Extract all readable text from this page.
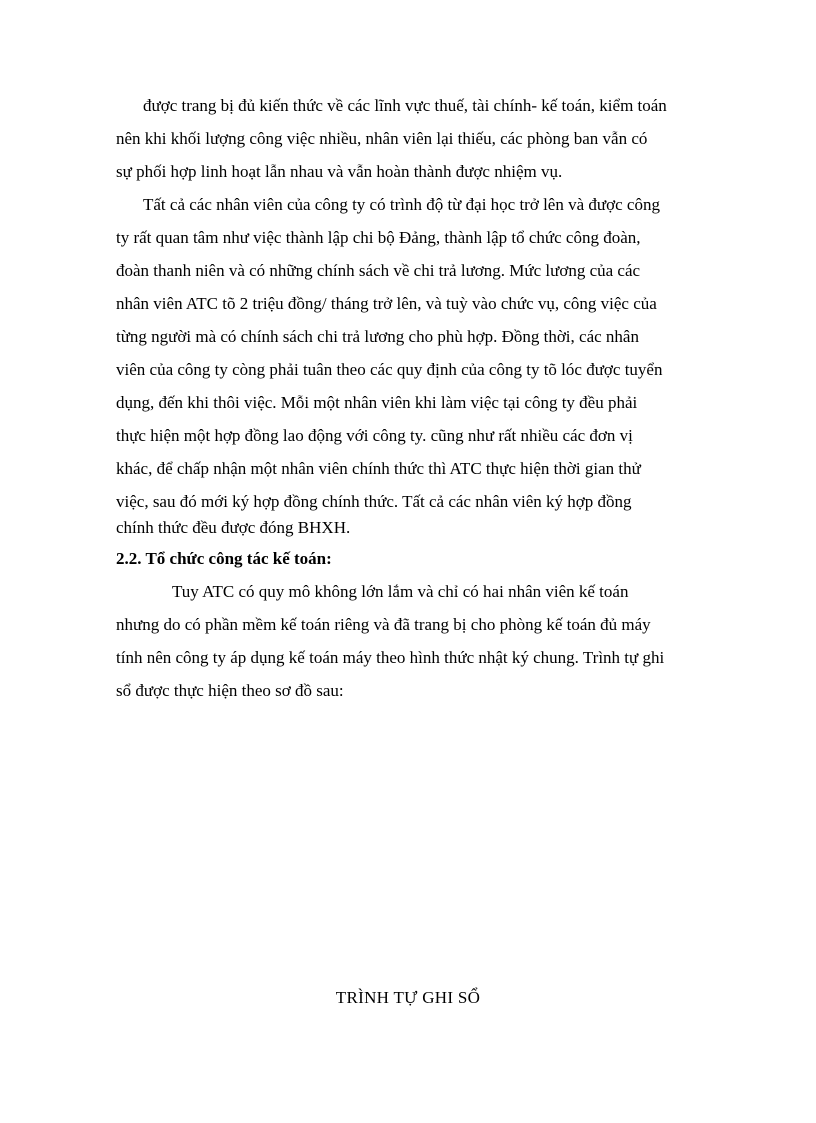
được trang bị đủ kiến thức về các lĩnh vực thuế, tài chính- kế toán, kiểm toán
nên khi khối lượng công việc nhiều, nhân viên lại thiếu, các phòng ban vẫn có
sự phối hợp linh hoạt lẫn nhau và vẫn hoàn thành được nhiệm vụ.
Tất cả các nhân viên của công ty có trình độ từ đại học trở lên và được công
ty rất quan tâm như việc thành lập chi bộ Đảng, thành lập tổ chức công đoàn,
đoàn thanh niên và có những chính sách về chi trả lương. Mức lương của các
nhân viên ATC tõ 2 triệu đồng/ tháng trở lên, và tuỳ vào chức vụ, công việc của
từng người mà có chính sách chi trả lương cho phù hợp. Đồng thời, các nhân
viên của công ty còng phải tuân theo các quy định của công ty tõ lóc được tuyển
dụng, đến khi thôi việc. Mỗi một nhân viên khi làm việc tại công ty đều phải
thực hiện một hợp đồng lao động với công ty. cũng như rất nhiều các đơn vị
khác, để chấp nhận một nhân viên chính thức thì ATC thực hiện thời gian thử
việc, sau đó mới ký hợp đồng chính thức. Tất cả các nhân viên ký hợp đồng
chính thức đều được đóng BHXH.
2.2. Tổ chức công tác kế toán:
Tuy ATC có quy mô không lớn lắm và chỉ có hai nhân viên kế toán
nhưng do có phần mềm kế toán riêng và đã trang bị cho phòng kế toán đủ máy
tính nên công ty áp dụng kế toán máy theo hình thức nhật ký chung. Trình tự ghi
sổ được thực hiện theo sơ đồ sau:
TRÌNH TỰ GHI SỔ
